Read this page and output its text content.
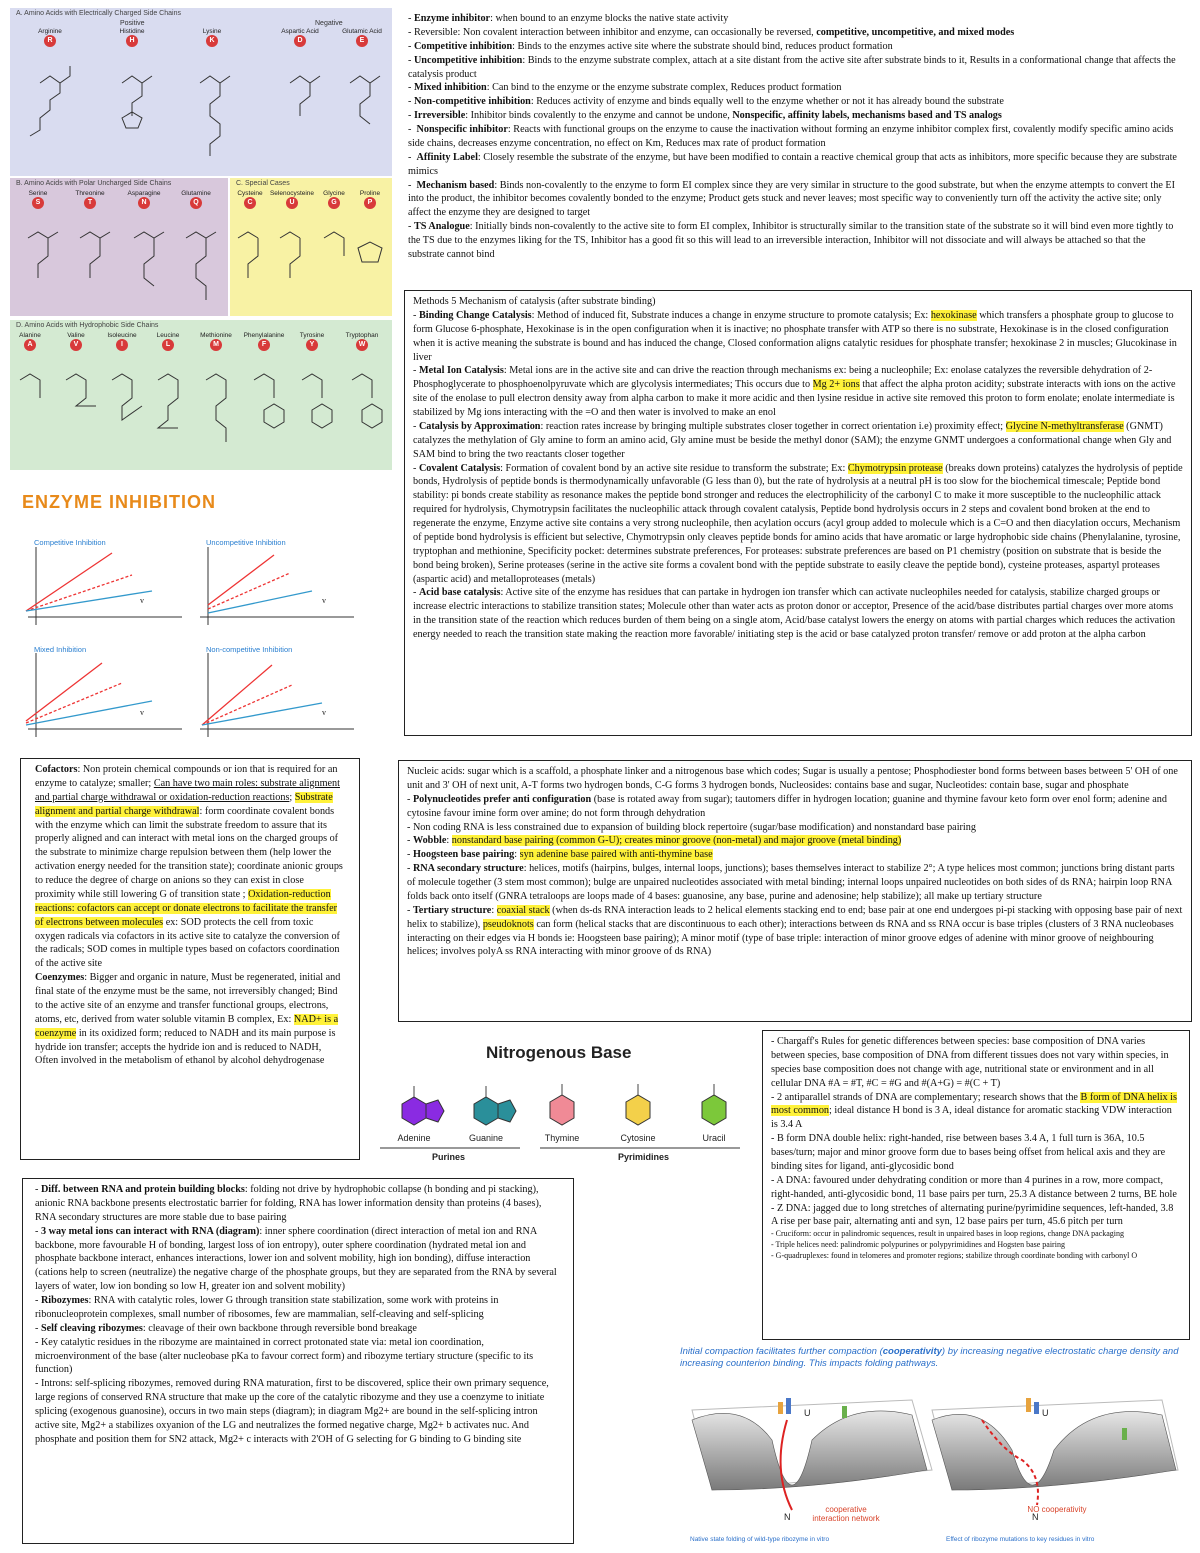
A. Amino Acids with Electrically Charged Side Chains
Positive	Negative
Arginine
R
Histidine
H
Lysine
K
Aspartic Acid
D
Glutamic Acid
E
B. Amino Acids with Polar Uncharged Side Chains
Serine
S
Threonine
T
Asparagine
N
Glutamine
Q
C. Special Cases
Cysteine
C
Selenocysteine
U
Glycine
G
Proline
P
D. Amino Acids with Hydrophobic Side Chains
Alanine
A
Valine
V
Isoleucine
I
Leucine
L
Methionine
M
Phenylalanine
F
Tyrosine
Y
Tryptophan
W
ENZYME INHIBITION
Competitive Inhibition	Uncompetitive Inhibition
Mixed Inhibition	Non-competitive Inhibition
v	v
v	v

- Enzyme inhibitor: when bound to an enzyme blocks the native state activity

- Reversible: Non covalent interaction between inhibitor and enzyme, can occasionally be reversed, competitive, uncompetitive, and mixed modes

- Competitive inhibition: Binds to the enzymes active site where the substrate should bind, reduces product formation

- Uncompetitive inhibition: Binds to the enzyme substrate complex, attach at a site distant from the active site after substrate binds to it, Results in a conformational change that affects the catalysis product

- Mixed inhibition: Can bind to the enzyme or the enzyme substrate complex, Reduces product formation

- Non-competitive inhibition: Reduces activity of enzyme and binds equally well to the enzyme whether or not it has already bound the substrate

- Irreversible: Inhibitor binds covalently to the enzyme and cannot be undone, Nonspecific, affinity labels, mechanisms based and TS analogs

-  Nonspecific inhibitor: Reacts with functional groups on the enzyme to cause the inactivation without forming an enzyme inhibitor complex first, covalently modify specific amino acids side chains, decreases enzyme concentration, no effect on Km, Reduces max rate of product formation

-  Affinity Label: Closely resemble the substrate of the enzyme, but have been modified to contain a reactive chemical group that acts as inhibitors, more specific because they are substrate mimics

-  Mechanism based: Binds non-covalently to the enzyme to form EI complex since they are very similar in structure to the good substrate, but when the enzyme attempts to convert the EI into the product, the inhibitor becomes covalently bonded to the enzyme; Product gets stuck and never leaves; most specific way to conveniently turn off the activity the active site; only affect the enzyme they are designed to target

- TS Analogue: Initially binds non-covalently to the active site to form EI complex, Inhibitor is structurally similar to the transition state of the substrate so it will bind even more tightly to the TS due to the enzymes liking for the TS, Inhibitor has a good fit so this will lead to an irreversible interaction, Inhibitor will not dissociate and will always be attached so that the substrate cannot bind

Methods 5 Mechanism of catalysis (after substrate binding)

- Binding Change Catalysis: Method of induced fit, Substrate induces a change in enzyme structure to promote catalysis; Ex: hexokinase which transfers a phosphate group to glucose to form Glucose 6-phosphate, Hexokinase is in the open configuration when it is inactive; no phosphate transfer with ATP so there is no substrate, Hexokinase is in the closed configuration when it is active meaning the substrate is bound and has induced the change, Closed conformation aligns catalytic residues for phosphate transfer; hexokinase 2 in muscles; Glucokinase in liver

- Metal Ion Catalysis: Metal ions are in the active site and can drive the reaction through mechanisms ex: being a nucleophile; Ex: enolase catalyzes the reversible dehydration of 2-Phosphoglycerate to phosphoenolpyruvate which are glycolysis intermediates; This occurs due to Mg 2+ ions that affect the alpha proton acidity; substrate interacts with ions on the active site of the enolase to pull electron density away from alpha carbon to make it more acidic and then lysine residue in active site removed this proton to form enolate; enolate intermediate is stabilized by Mg ions interacting with the =O and then water is involved to make an enol

- Catalysis by Approximation: reaction rates increase by bringing multiple substrates closer together in correct orientation i.e) proximity effect; Glycine N-methyltransferase (GNMT) catalyzes the methylation of Gly amine to form an amino acid, Gly amine must be beside the methyl donor (SAM); the enzyme GNMT undergoes a conformational change when Gly and SAM bind to bring the two reactants closer together

- Covalent Catalysis: Formation of covalent bond by an active site residue to transform the substrate; Ex: Chymotrypsin protease (breaks down proteins) catalyzes the hydrolysis of peptide bonds, Hydrolysis of peptide bonds is thermodynamically unfavorable (G less than 0), but the rate of hydrolysis at a neutral pH is too slow for the biochemical timescale; Peptide bond stability: pi bonds create stability as resonance makes the peptide bond stronger and reduces the electrophilicity of the carbonyl C to make it more susceptible to the nucleophilic attack required for hydrolysis, Chymotrypsin facilitates the nucleophilic attack through covalent catalysis, Peptide bond hydrolysis occurs in 2 steps and covalent bond broken at the end to regenerate the enzyme, Enzyme active site contains a very strong nucleophile, then acylation occurs (acyl group added to molecule which is a C=O and then diacylation occurs, Mechanism of peptide bond hydrolysis is efficient but selective, Chymotrypsin only cleaves peptide bonds for amino acids that have aromatic or large hydrophobic side chains (Phenylalanine, tyrosine, tryptophan and methionine, Specificity pocket: determines substrate preferences, For proteases: substrate preferences are based on P1 chemistry (position on substrate that is beside the bond being broken), Serine proteases (serine in the active site forms a covalent bond with the peptide substrate to easily cleave the peptide bond), cysteine proteases, aspartyl proteases (aspartic acid) and metalloproteases (metals)

- Acid base catalysis: Active site of the enzyme has residues that can partake in hydrogen ion transfer which can activate nucleophiles needed for catalysis, stabilize charged groups or increase electric interactions to stabilize transition states; Molecule other than water acts as proton donor or acceptor, Presence of the acid/base distributes partial charges over more atoms in the transition state of the reaction which reduces burden of them being on a single atom, Acid/base catalyst lowers the energy on atoms with partial charges which reduces the activation energy needed to reach the transition state making the reaction more favorable/ initiating step is the acid or base catalyzed proton transfer/ remove or add proton at the alpha carbon

Cofactors: Non protein chemical compounds or ion that is required for an enzyme to catalyze; smaller; Can have two main roles: substrate alignment and partial charge withdrawal or oxidation-reduction reactions; Substrate alignment and partial charge withdrawal: form coordinate covalent bonds with the enzyme which can limit the substrate freedom to assure that its properly aligned and can interact with metal ions on the charged groups of the substrate to minimize charge repulsion between them (help lower the activation energy needed for the transition state); coordinate anionic groups to reduce the degree of charge on anions so they can exist in close proximity while still lowering G of transition state ; Oxidation-reduction reactions: cofactors can accept or donate electrons to facilitate the transfer of electrons between molecules ex: SOD protects the cell from toxic oxygen radicals via cofactors in its active site to catalyze the conversion of the radicals; SOD comes in multiple types based on cofactors coordination of the active site

Coenzymes: Bigger and organic in nature, Must be regenerated, initial and final state of the enzyme must be the same, not irreversibly changed; Bind to the active site of an enzyme and transfer functional groups, electrons, atoms, etc, derived from water soluble vitamin B complex, Ex: NAD+ is a coenzyme in its oxidized form; reduced to NADH and its main purpose is hydride ion transfer; accepts the hydride ion and is reduced to NADH, Often involved in the metabolism of ethanol by alcohol dehydrogenase

Nucleic acids: sugar which is a scaffold, a phosphate linker and a nitrogenous base which codes; Sugar is usually a pentose; Phosphodiester bond forms between bases between 5' OH of one unit and 3' OH of next unit, A-T forms two hydrogen bonds, C-G forms 3 hydrogen bonds, Nucleosides: contains base and sugar, Nucleotides: contain base, sugar and phosphate

- Polynucleotides prefer anti configuration (base is rotated away from sugar); tautomers differ in hydrogen location; guanine and thymine favour keto form over enol form; adenine and cytosine favour imine form over amine; do not form through dehydration

- Non coding RNA is less constrained due to expansion of building block repertoire (sugar/base modification) and nonstandard base pairing

- Wobble: nonstandard base pairing (common G-U); creates minor groove (non-metal) and major groove (metal binding)

- Hoogsteen base pairing: syn adenine base paired with anti-thymine base

- RNA secondary structure: helices, motifs (hairpins, bulges, internal loops, junctions); bases themselves interact to stabilize 2°; A type helices most common; junctions bring distant parts of molecule together (3 stem most common); bulge are unpaired nucleotides associated with metal binding; internal loops unpaired nucleotides on both sides of ds RNA; hairpin loop RNA folds back onto itself (GNRA tetraloops are loops made of 4 bases: guanosine, any base, purine and adenosine; help stabilize); all make up tertiary structure

- Tertiary structure: coaxial stack (when ds-ds RNA interaction leads to 2 helical elements stacking end to end; base pair at one end undergoes pi-pi stacking with opposing base pair of next helix to stabilize), pseudoknots can form (helical stacks that are discontinuous to each other); interactions between ds RNA and ss RNA occur is base triples (clusters of 3 RNA nucleobases interacting on their edges via H bonds ie: Hoogsteen base pairing); A minor motif (type of base triple: interaction of minor groove edges of adenine with minor groove of neighbouring helices; involves polyA ss RNA interacting with minor groove of ds RNA)

Nitrogenous Base
Adenine	Guanine	Thymine	Cytosine	Uracil
Purines	Pyrimidines

- Chargaff's Rules for genetic differences between species: base composition of DNA varies between species, base composition of DNA from different tissues does not vary within species, in species base composition does not change with age, nutritional state or environment and in all cellular DNA #A = #T, #C = #G and #(A+G) = #(C + T)

- 2 antiparallel strands of DNA are complementary; research shows that the B form of DNA helix is most common; ideal distance H bond is 3 A, ideal distance for aromatic stacking VDW interaction is 3.4 A

- B form DNA double helix: right-handed, rise between bases 3.4 A, 1 full turn is 36A, 10.5 bases/turn; major and minor groove form due to bases being offset from helical axis and they are binding sites for ligand, anti-glycosidic bond

- A DNA: favoured under dehydrating condition or more than 4 purines in a row, more compact, right-handed, anti-glycosidic bond, 11 base pairs per turn, 25.3 A distance between 2 turns, BE hole

- Z DNA: jagged due to long stretches of alternating purine/pyrimidine sequences, left-handed, 3.8 A rise per base pair, alternating anti and syn, 12 base pairs per turn, 45.6 pitch per turn

- Cruciform: occur in palindromic sequences, result in unpaired bases in loop regions, change DNA packaging

- Triple helices need: palindromic polypurines or polypyrimidines and Hogsten base pairing

- G-quadruplexes: found in telomeres and promoter regions; stabilize through coordinate bonding with carbonyl O

- Diff. between RNA and protein building blocks: folding not drive by hydrophobic collapse (h bonding and pi stacking), anionic RNA backbone presents electrostatic barrier for folding, RNA has lower information density than proteins (4 bases), RNA secondary structures are more stable due to base pairing

- 3 way metal ions can interact with RNA (diagram): inner sphere coordination (direct interaction of metal ion and RNA backbone, more favourable H of bonding, largest loss of ion entropy), outer sphere coordination (hydrated metal ion and phosphate backbone interact, enhances interactions, lower ion and solvent mobility, high ion bonding), diffuse interaction (cations help to screen (neutralize) the negative charge of the phosphate groups, but they are separated from the RNA by several layers of water, low ion bonding so low H, greater ion and solvent mobility)

- Ribozymes: RNA with catalytic roles, lower G through transition state stabilization, some work with proteins in ribonucleoprotein complexes, small number of ribosomes, few are mammalian, self-cleaving and self-splicing

- Self cleaving ribozymes: cleavage of their own backbone through reversible bond breakage

- Key catalytic residues in the ribozyme are maintained in correct protonated state via: metal ion coordination, microenvironment of the base (alter nucleobase pKa to favour correct form) and ribozyme tertiary structure (specific to its function)

- Introns: self-splicing ribozymes, removed during RNA maturation, first to be discovered, splice their own primary sequence, large regions of conserved RNA structure that make up the core of the catalytic ribozyme and they use a coenzyme to initiate splicing (exogenous guanosine), occurs in two main steps (diagram); in diagram Mg2+ are bound in the self-splicing intron active site, Mg2+ a stabilizes oxyanion of the LG and neutralizes the formed negative charge, Mg2+ b activates nuc. And phosphate and position them for SN2 attack, Mg2+ c interacts with 2'OH of G selecting for G binding to G binding site

Initial compaction facilitates further compaction (cooperativity) by increasing negative electrostatic charge density and increasing counterion binding. This impacts folding pathways.
U
N
U
N
cooperative interaction network
NO cooperativity
Native state folding of wild-type ribozyme in vitro	Effect of ribozyme mutations to key residues in vitro
